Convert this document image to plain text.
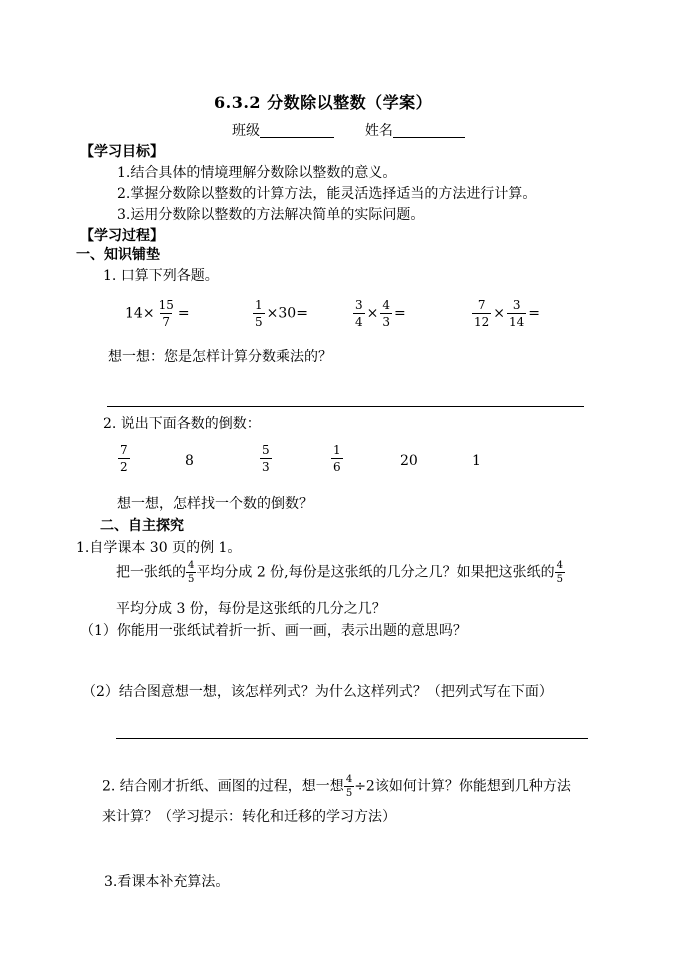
6.3.2 分数除以整数（学案）
班级	姓名
【学习目标】
1.结合具体的情境理解分数除以整数的意义。
2.掌握分数除以整数的计算方法，能灵活选择适当的方法进行计算。
3.运用分数除以整数的方法解决简单的实际问题。
【学习过程】
一、知识铺垫
1. 口算下列各题。
$14\times \frac{15}{7}$ =	$\frac{1}{5} \times 30=$	$\frac{3}{4} \times \frac{4}{3}$ =	$\frac{7}{12} \times \frac{3}{14}$ =
想一想：您是怎样计算分数乘法的？
2. 说出下面各数的倒数：
$\frac{7}{2}$	8	$\frac{5}{3}$	$\frac{1}{6}$	20	1
想一想，怎样找一个数的倒数？
二、自主探究
1.自学课本 30 页的例 1。
把一张纸的 $\frac{4}{5}$ 平均分成 2 份,每份是这张纸的几分之几？如果把这张纸的 $\frac{4}{5}$
平均分成 3 份，每份是这张纸的几分之几？
（1）你能用一张纸试着折一折、画一画，表示出题的意思吗？
（2）结合图意想一想，该怎样列式？为什么这样列式？（把列式写在下面）
2. 结合刚才折纸、画图的过程，想一想 $\frac{4}{5} \div 2$该如何计算？你能想到几种方法
来计算？（学习提示：转化和迁移的学习方法）
3.看课本补充算法。
